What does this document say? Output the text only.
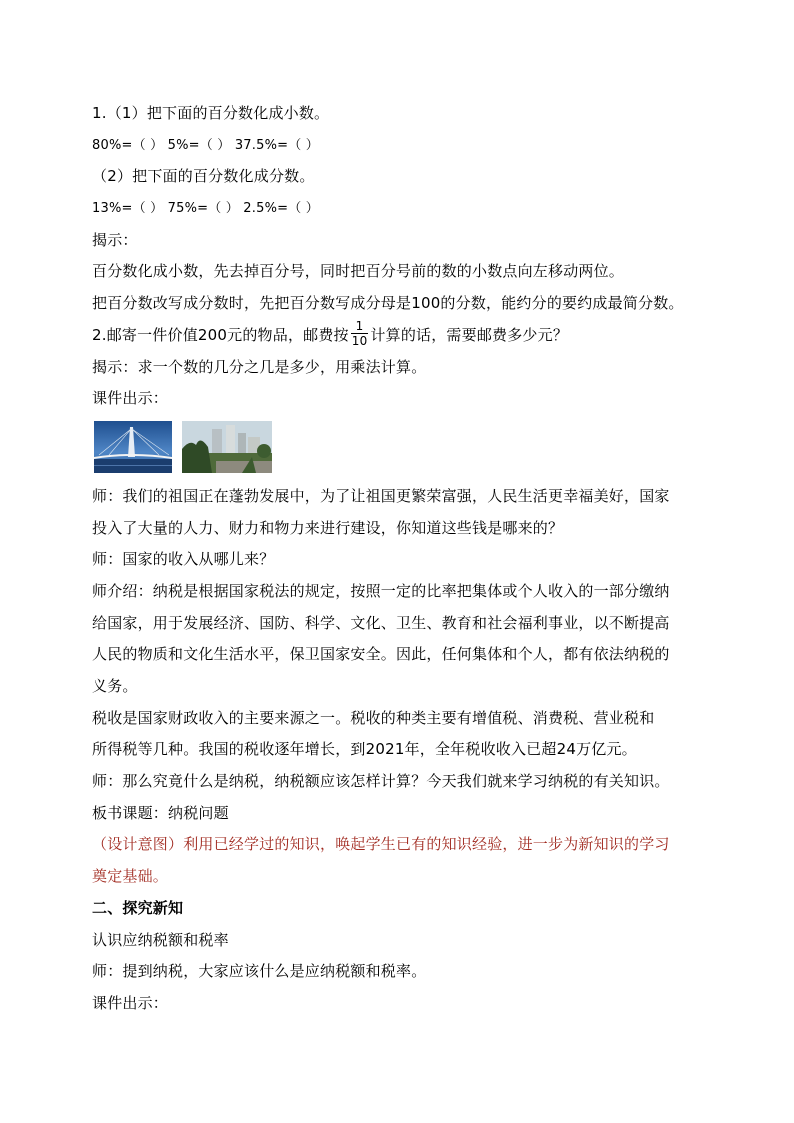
1.（1）把下面的百分数化成小数。
80%=（ ） 5%=（ ） 37.5%=（ ）
（2）把下面的百分数化成分数。
13%=（ ） 75%=（ ） 2.5%=（ ）
揭示：
百分数化成小数，先去掉百分号，同时把百分号前的数的小数点向左移动两位。
把百分数改写成分数时，先把百分数写成分母是100的分数，能约分的要约成最简分数。
2.邮寄一件价值200元的物品，邮费按 $\frac{1}{10}$ 计算的话，需要邮费多少元？
揭示：求一个数的几分之几是多少，用乘法计算。
课件出示：
师：我们的祖国正在蓬勃发展中，为了让祖国更繁荣富强，人民生活更幸福美好，国家
投入了大量的人力、财力和物力来进行建设，你知道这些钱是哪来的？
师：国家的收入从哪儿来？
师介绍：纳税是根据国家税法的规定，按照一定的比率把集体或个人收入的一部分缴纳
给国家，用于发展经济、国防、科学、文化、卫生、教育和社会福利事业，以不断提高
人民的物质和文化生活水平，保卫国家安全。因此，任何集体和个人，都有依法纳税的
义务。
税收是国家财政收入的主要来源之一。税收的种类主要有增值税、消费税、营业税和
所得税等几种。我国的税收逐年增长，到2021年，全年税收收入已超24万亿元。
师：那么究竟什么是纳税，纳税额应该怎样计算？今天我们就来学习纳税的有关知识。
板书课题：纳税问题
（设计意图）利用已经学过的知识，唤起学生已有的知识经验，进一步为新知识的学习
奠定基础。
二、探究新知
认识应纳税额和税率
师：提到纳税，大家应该什么是应纳税额和税率。
课件出示：
